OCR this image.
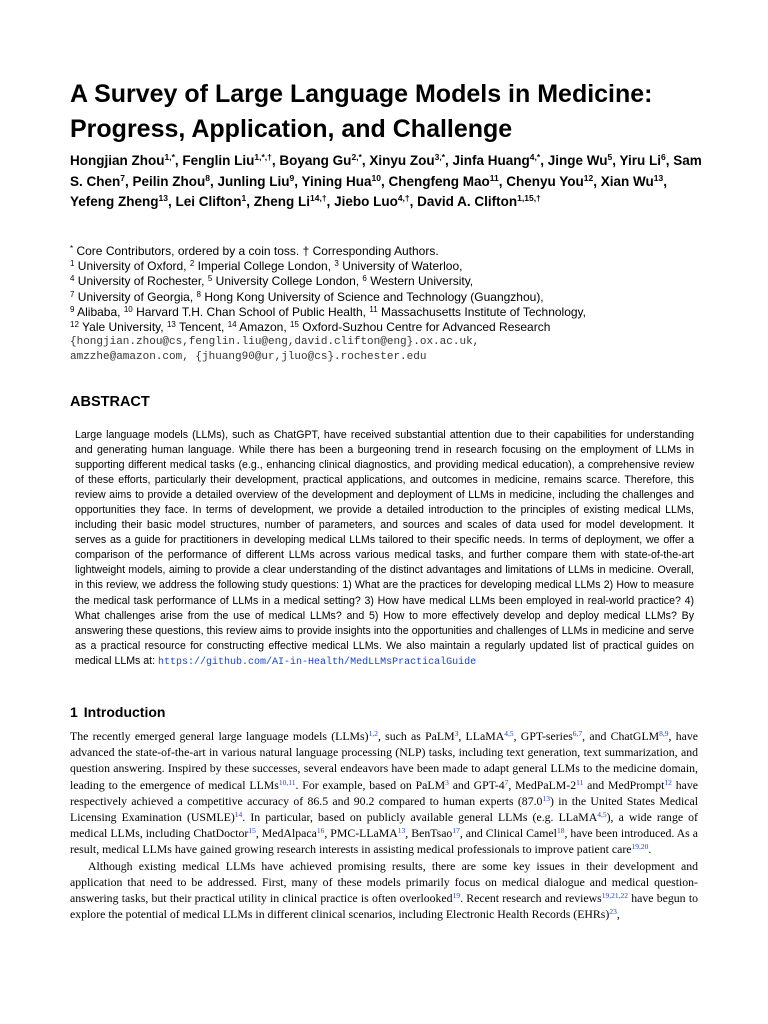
A Survey of Large Language Models in Medicine: Progress, Application, and Challenge
Hongjian Zhou$^{1,*}$, Fenglin Liu$^{1,*,\dagger}$, Boyang $Gu^{2,*}$, Xinyu Zou$^{3,*}$, Jinfa Huang$^{4,*}$, Jinge Wu$^5$, Yiru Li$^6$, Sam S. Chen$^7$, Peilin Zhou$^8$, Junling Liu$^9$, Yining Hua$^{10}$, Chengfeng Mao$^{11}$, Chenyu You$^{12}$, Xian Wu$^{13}$, Yefeng Zheng$^{13}$, Lei Clifton$^1$, Zheng $Li^{14,\dagger}$, Jiebo Luo$^{4,\dagger}$, David A. Clifton$^{1,15,\dagger}$
* Core Contributors, ordered by a coin toss. † Corresponding Authors.
$^1$ University of Oxford, $^2$ Imperial College London, $^3$ University of Waterloo,
$^4$ University of Rochester, $^5$ University College London, $^6$ Western University,
$^7$ University of Georgia, $^8$ Hong Kong University of Science and Technology (Guangzhou),
$^9$ Alibaba, $^{10}$ Harvard T.H. Chan School of Public Health, $^{11}$ Massachusetts Institute of Technology,
$^{12}$ Yale University, $^{13}$ Tencent, $^{14}$ Amazon, $^{15}$ Oxford-Suzhou Centre for Advanced Research
{hongjian.zhou@cs,fenglin.liu@eng,david.clifton@eng}.ox.ac.uk,
amzzhe@amazon.com, {jhuang90@ur,jluo@cs}.rochester.edu
ABSTRACT
Large language models (LLMs), such as ChatGPT, have received substantial attention due to their capabilities for understanding and generating human language. While there has been a burgeoning trend in research focusing on the employment of LLMs in supporting different medical tasks (e.g., enhancing clinical diagnostics, and providing medical education), a comprehensive review of these efforts, particularly their development, practical applications, and outcomes in medicine, remains scarce. Therefore, this review aims to provide a detailed overview of the development and deployment of LLMs in medicine, including the challenges and opportunities they face. In terms of development, we provide a detailed introduction to the principles of existing medical LLMs, including their basic model structures, number of parameters, and sources and scales of data used for model development. It serves as a guide for practitioners in developing medical LLMs tailored to their specific needs. In terms of deployment, we offer a comparison of the performance of different LLMs across various medical tasks, and further compare them with state-of-the-art lightweight models, aiming to provide a clear understanding of the distinct advantages and limitations of LLMs in medicine. Overall, in this review, we address the following study questions: 1) What are the practices for developing medical LLMs 2) How to measure the medical task performance of LLMs in a medical setting? 3) How have medical LLMs been employed in real-world practice? 4) What challenges arise from the use of medical LLMs? and 5) How to more effectively develop and deploy medical LLMs? By answering these questions, this review aims to provide insights into the opportunities and challenges of LLMs in medicine and serve as a practical resource for constructing effective medical LLMs. We also maintain a regularly updated list of practical guides on medical LLMs at: https://github.com/AI-in-Health/MedLLMsPracticalGuide
1 Introduction

The recently emerged general large language models (LLMs)$^{1,2}$, such as PaLM$^3$, LLaMA$^{4,5}$, GPT-series$^{6,7}$, and ChatGLM$^{8,9}$, have advanced the state-of-the-art in various natural language processing (NLP) tasks, including text generation, text summarization, and question answering. Inspired by these successes, several endeavors have been made to adapt general LLMs to the medicine domain, leading to the emergence of medical LLMs$^{10,11}$. For example, based on PaLM$^3$ and GPT-4$^7$, MedPaLM-2$^{11}$ and MedPrompt$^{12}$ have respectively achieved a competitive accuracy of 86.5 and 90.2 compared to human experts (87.0$^{13}$) in the United States Medical Licensing Examination (USMLE)$^{14}$. In particular, based on publicly available general LLMs (e.g. LLaMA$^{4,5}$), a wide range of medical LLMs, including ChatDoctor$^{15}$, MedAlpaca$^{16}$, PMC-LLaMA$^{13}$, BenTsao$^{17}$, and Clinical Camel$^{18}$, have been introduced. As a result, medical LLMs have gained growing research interests in assisting medical professionals to improve patient care$^{19,20}$.

Although existing medical LLMs have achieved promising results, there are some key issues in their development and application that need to be addressed. First, many of these models primarily focus on medical dialogue and medical question-answering tasks, but their practical utility in clinical practice is often overlooked$^{19}$. Recent research and reviews$^{19,21,22}$ have begun to explore the potential of medical LLMs in different clinical scenarios, including Electronic Health Records (EHRs)$^{23}$,
